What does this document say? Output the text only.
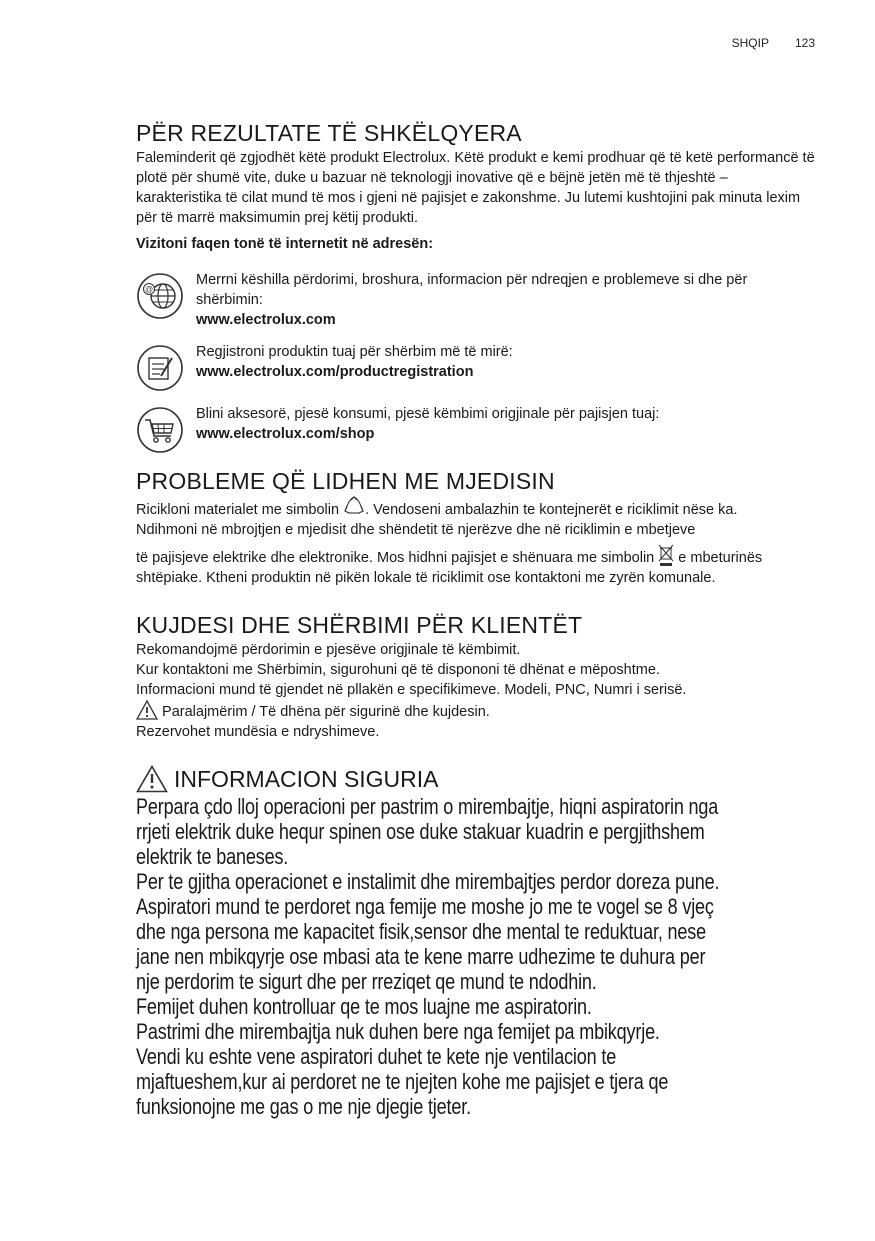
SHQIP 123
PËR REZULTATE TË SHKËLQYERA

Faleminderit që zgjodhët këtë produkt Electrolux. Këtë produkt e kemi prodhuar që të ketë performancë të plotë për shumë vite, duke u bazuar në teknologji inovative që e bëjnë jetën më të thjeshtë – karakteristika të cilat mund të mos i gjeni në pajisjet e zakonshme. Ju lutemi kushtojini pak minuta lexim për të marrë maksimumin prej këtij produkti.

Vizitoni faqen tonë të internetit në adresën:

@

Merrni këshilla përdorimi, broshura, informacion për ndreqjen e problemeve si dhe për shërbimin:

www.electrolux.com

Regjistroni produktin tuaj për shërbim më të mirë:

www.electrolux.com/productregistration

Blini aksesorë, pjesë konsumi, pjesë këmbimi origjinale për pajisjen tuaj:

www.electrolux.com/shop

PROBLEME QË LIDHEN ME MJEDISIN

Ricikloni materialet me simbolin . Vendoseni ambalazhin te kontejnerët e riciklimit nëse ka.

Ndihmoni në mbrojtjen e mjedisit dhe shëndetit të njerëzve dhe në riciklimin e mbetjeve

të pajisjeve elektrike dhe elektronike. Mos hidhni pajisjet e shënuara me simbolin  e mbeturinës shtëpiake. Ktheni produktin në pikën lokale të riciklimit ose kontaktoni me zyrën komunale.

KUJDESI DHE SHËRBIMI PËR KLIENTËT

Rekomandojmë përdorimin e pjesëve origjinale të këmbimit.

Kur kontaktoni me Shërbimin, sigurohuni që të dispononi të dhënat e mëposhtme.

Informacioni mund të gjendet në pllakën e specifikimeve. Modeli, PNC, Numri i serisë.

Paralajmërim / Të dhëna për sigurinë dhe kujdesin.

Rezervohet mundësia e ndryshimeve.

INFORMACION SIGURIA

Perpara çdo lloj operacioni per pastrim o mirembajtje, hiqni aspiratorin nga

rrjeti elektrik duke hequr spinen ose duke stakuar kuadrin e pergjithshem

elektrik te baneses.

Per te gjitha operacionet e instalimit dhe mirembajtjes perdor doreza pune.

Aspiratori mund te perdoret nga femije me moshe jo me te vogel se 8 vjeç

dhe nga persona me kapacitet fisik,sensor dhe mental te reduktuar, nese

jane nen mbikqyrje ose mbasi ata te kene marre udhezime te duhura per

nje perdorim te sigurt dhe per rreziqet qe mund te ndodhin.

Femijet duhen kontrolluar qe te mos luajne me aspiratorin.

Pastrimi dhe mirembajtja nuk duhen bere nga femijet pa mbikqyrje.

Vendi ku eshte vene aspiratori duhet te kete nje ventilacion te

mjaftueshem,kur ai perdoret ne te njejten kohe me pajisjet e tjera qe

funksionojne me gas o me nje djegie tjeter.
